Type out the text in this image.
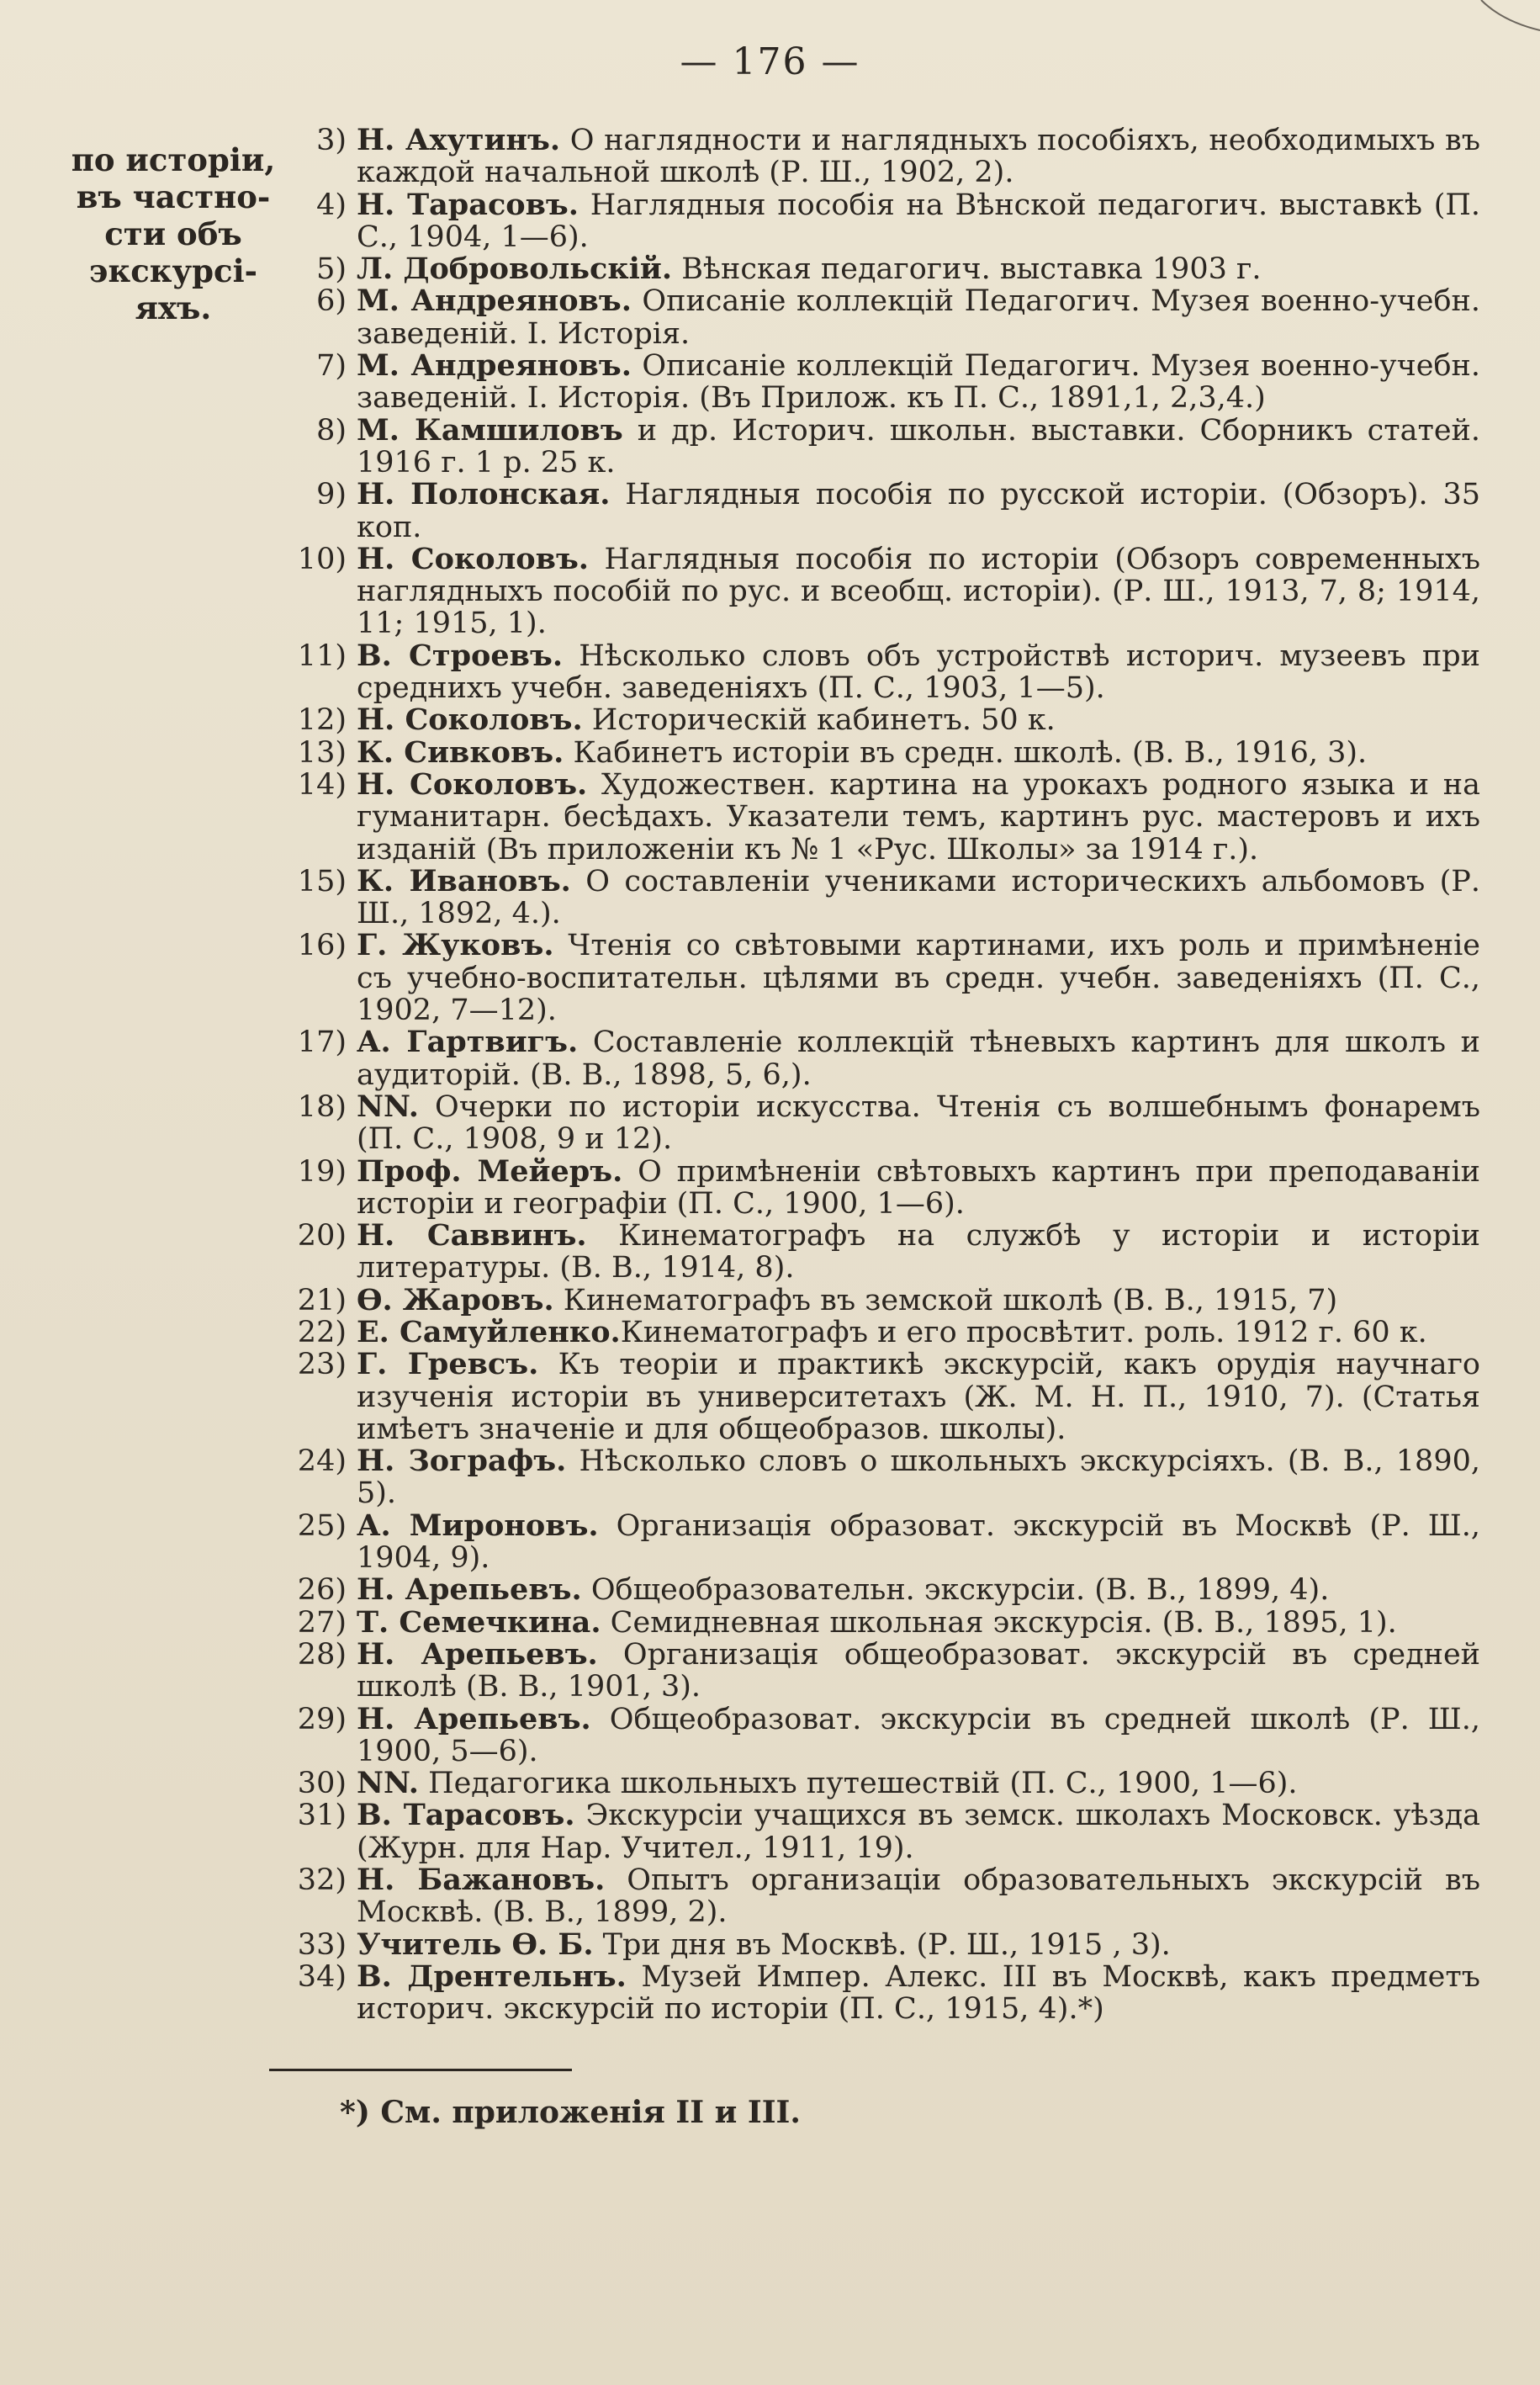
— 176 —
по исторiи,
въ частно-
сти объ
экскурсі-
яхъ.
3) Н. Ахутинъ. О наглядности и наглядныхъ пособіяхъ, необходимыхъ въ каждой начальной школѣ (Р. Ш., 1902, 2).
4) Н. Тарасовъ. Наглядныя пособія на Вѣнской педагогич. выставкѣ (П. С., 1904, 1—6).
5) Л. Добровольскій. Вѣнская педагогич. выставка 1903 г.
6) М. Андреяновъ. Описаніе коллекцій Педагогич. Музея военно-учебн. заведеній. I. Исторія.
7) М. Андреяновъ. Описаніе коллекцій Педагогич. Музея военно-учебн. заведеній. I. Исторія. (Въ Прилож. къ П. С., 1891,1, 2,3,4.)
8) М. Камшиловъ и др. Историч. школьн. выставки. Сборникъ статей. 1916 г. 1 р. 25 к.
9) Н. Полонская. Наглядныя пособія по русской исторіи. (Обзоръ). 35 коп.
10) Н. Соколовъ. Наглядныя пособія по исторіи (Обзоръ современныхъ наглядныхъ пособій по рус. и всеобщ. исторіи). (Р. Ш., 1913, 7, 8; 1914, 11; 1915, 1).
11) В. Строевъ. Нѣсколько словъ объ устройствѣ историч. музеевъ при среднихъ учебн. заведеніяхъ (П. С., 1903, 1—5).
12) Н. Соколовъ. Историческій кабинетъ. 50 к.
13) К. Сивковъ. Кабинетъ исторіи въ средн. школѣ. (В. В., 1916, 3).
14) Н. Соколовъ. Художествен. картина на урокахъ родного языка и на гуманитарн. бесѣдахъ. Указатели темъ, картинъ рус. мастеровъ и ихъ изданій (Въ приложеніи къ № 1 «Рус. Школы» за 1914 г.).
15) К. Ивановъ. О составленіи учениками историческихъ альбомовъ (Р. Ш., 1892, 4.).
16) Г. Жуковъ. Чтенія со свѣтовыми картинами, ихъ роль и примѣненіе съ учебно-воспитательн. цѣлями въ средн. учебн. заведеніяхъ (П. С., 1902, 7—12).
17) А. Гартвигъ. Составленіе коллекцій тѣневыхъ картинъ для школъ и аудиторій. (В. В., 1898, 5, 6,).
18) NN. Очерки по исторіи искусства. Чтенія съ волшебнымъ фонаремъ (П. С., 1908, 9 и 12).
19) Проф. Мейеръ. О примѣненіи свѣтовыхъ картинъ при преподаваніи исторіи и географіи (П. С., 1900, 1—6).
20) Н. Саввинъ. Кинематографъ на службѣ у исторіи и исторіи литературы. (В. В., 1914, 8).
21) Ѳ. Жаровъ. Кинематографъ въ земской школѣ (В. В., 1915, 7)
22) Е. Самуйленко.Кинематографъ и его просвѣтит. роль. 1912 г. 60 к.
23) Г. Гревсъ. Къ теоріи и практикѣ экскурсій, какъ орудія научнаго изученія исторіи въ университетахъ (Ж. М. Н. П., 1910, 7). (Статья имѣетъ значеніе и для общеобразов. школы).
24) Н. Зографъ. Нѣсколько словъ о школьныхъ экскурсіяхъ. (В. В., 1890, 5).
25) А. Мироновъ. Организація образоват. экскурсій въ Москвѣ (Р. Ш., 1904, 9).
26) Н. Арепьевъ. Общеобразовательн. экскурсіи. (В. В., 1899, 4).
27) Т. Семечкина. Семидневная школьная экскурсія. (В. В., 1895, 1).
28) Н. Арепьевъ. Организація общеобразоват. экскурсій въ средней школѣ (В. В., 1901, 3).
29) Н. Арепьевъ. Общеобразоват. экскурсіи въ средней школѣ (Р. Ш., 1900, 5—6).
30) NN. Педагогика школьныхъ путешествій (П. С., 1900, 1—6).
31) В. Тарасовъ. Экскурсіи учащихся въ земск. школахъ Московск. уѣзда (Журн. для Нар. Учител., 1911, 19).
32) Н. Бажановъ. Опытъ организаціи образовательныхъ экскурсій въ Москвѣ. (В. В., 1899, 2).
33) Учитель Ѳ. Б. Три дня въ Москвѣ. (Р. Ш., 1915 , 3).
34) В. Дрентельнъ. Музей Импер. Алекс. III въ Москвѣ, какъ предметъ историч. экскурсій по исторіи (П. С., 1915, 4).*)
*) См. приложенія II и III.
